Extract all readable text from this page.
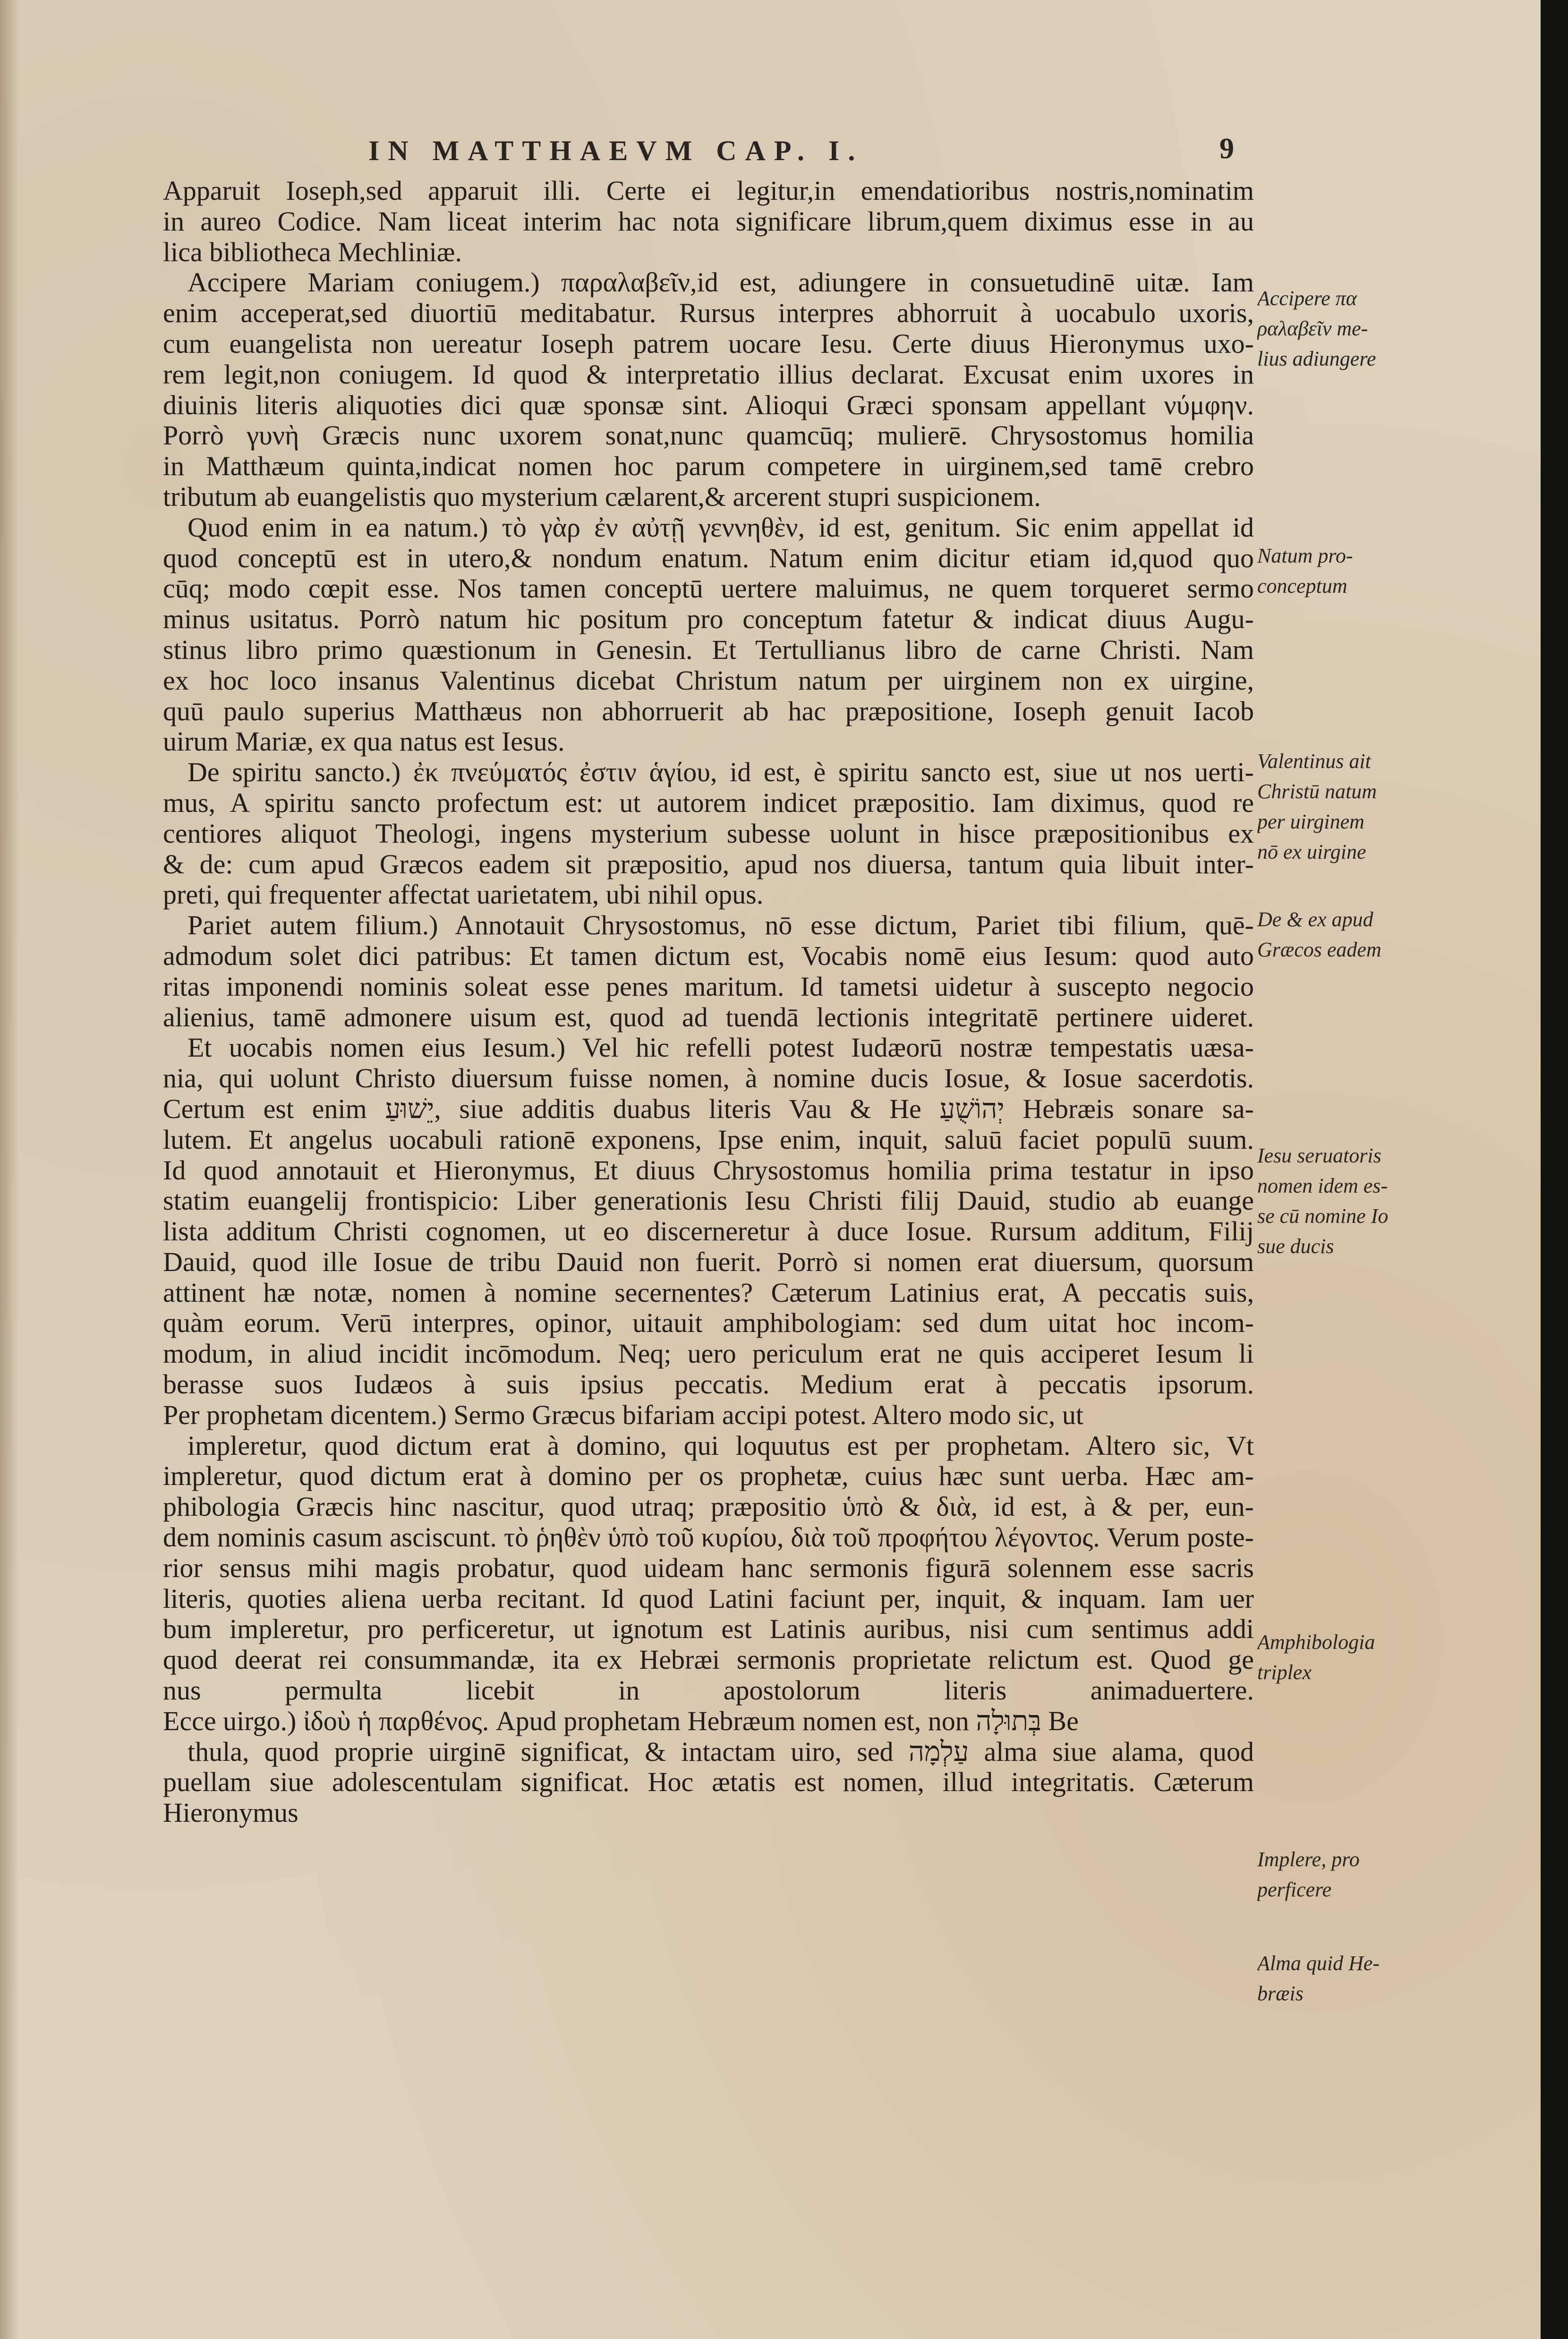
IN MATTHAEVM CAP. I.	9
Apparuit Ioseph,sed apparuit illi. Certe ei legitur,in emendatioribus nostris,nominatim
in aureo Codice. Nam liceat interim hac nota significare librum,quem diximus esse in au
lica bibliotheca Mechliniæ.
Accipere Mariam coniugem.) παραλαβεῖν,id est, adiungere in consuetudinē uitæ. Iam
enim acceperat,sed diuortiū meditabatur. Rursus interpres abhorruit à uocabulo uxoris,
cum euangelista non uereatur Ioseph patrem uocare Iesu. Certe diuus Hieronymus uxo-
rem legit,non coniugem. Id quod & interpretatio illius declarat. Excusat enim uxores in
diuinis literis aliquoties dici quæ sponsæ sint. Alioqui Græci sponsam appellant νύμφην.
Porrò γυνὴ Græcis nunc uxorem sonat,nunc quamcūq; mulierē. Chrysostomus homilia
in Matthæum quinta,indicat nomen hoc parum competere in uirginem,sed tamē crebro
tributum ab euangelistis quo mysterium cælarent,& arcerent stupri suspicionem.
Quod enim in ea natum.) τὸ γὰρ ἐν αὐτῇ γεννηθὲν, id est, genitum. Sic enim appellat id
quod conceptū est in utero,& nondum enatum. Natum enim dicitur etiam id,quod quo
cūq; modo cœpit esse. Nos tamen conceptū uertere maluimus, ne quem torqueret sermo
minus usitatus. Porrò natum hic positum pro conceptum fatetur & indicat diuus Augu-
stinus libro primo quæstionum in Genesin. Et Tertullianus libro de carne Christi. Nam
ex hoc loco insanus Valentinus dicebat Christum natum per uirginem non ex uirgine,
quū paulo superius Matthæus non abhorruerit ab hac præpositione, Ioseph genuit Iacob
uirum Mariæ, ex qua natus est Iesus.
De spiritu sancto.) ἐκ πνεύματός ἐστιν ἁγίου, id est, è spiritu sancto est, siue ut nos uerti-
mus, A spiritu sancto profectum est: ut autorem indicet præpositio. Iam diximus, quod re
centiores aliquot Theologi, ingens mysterium subesse uolunt in hisce præpositionibus ex
& de: cum apud Græcos eadem sit præpositio, apud nos diuersa, tantum quia libuit inter-
preti, qui frequenter affectat uarietatem, ubi nihil opus.
Pariet autem filium.) Annotauit Chrysostomus, nō esse dictum, Pariet tibi filium, quē-
admodum solet dici patribus: Et tamen dictum est, Vocabis nomē eius Iesum: quod auto
ritas imponendi nominis soleat esse penes maritum. Id tametsi uidetur à suscepto negocio
alienius, tamē admonere uisum est, quod ad tuendā lectionis integritatē pertinere uideret.
Et uocabis nomen eius Iesum.) Vel hic refelli potest Iudæorū nostræ tempestatis uæsa-
nia, qui uolunt Christo diuersum fuisse nomen, à nomine ducis Iosue, & Iosue sacerdotis.
Certum est enim יֵשׁוּעַ, siue additis duabus literis Vau & He יְהוֹשֻׁעַ Hebræis sonare sa-
lutem. Et angelus uocabuli rationē exponens, Ipse enim, inquit, saluū faciet populū suum.
Id quod annotauit et Hieronymus, Et diuus Chrysostomus homilia prima testatur in ipso
statim euangelij frontispicio: Liber generationis Iesu Christi filij Dauid, studio ab euange
lista additum Christi cognomen, ut eo discerneretur à duce Iosue. Rursum additum, Filij
Dauid, quod ille Iosue de tribu Dauid non fuerit. Porrò si nomen erat diuersum, quorsum
attinent hæ notæ, nomen à nomine secernentes? Cæterum Latinius erat, A peccatis suis,
quàm eorum. Verū interpres, opinor, uitauit amphibologiam: sed dum uitat hoc incom-
modum, in aliud incidit incōmodum. Neq; uero periculum erat ne quis acciperet Iesum li
berasse suos Iudæos à suis ipsius peccatis. Medium erat à peccatis ipsorum.
Per prophetam dicentem.) Sermo Græcus bifariam accipi potest. Altero modo sic, ut
impleretur, quod dictum erat à domino, qui loquutus est per prophetam. Altero sic, Vt
impleretur, quod dictum erat à domino per os prophetæ, cuius hæc sunt uerba. Hæc am-
phibologia Græcis hinc nascitur, quod utraq; præpositio ὑπὸ & διὰ, id est, à & per, eun-
dem nominis casum asciscunt. τὸ ῥηθὲν ὑπὸ τοῦ κυρίου, διὰ τοῦ προφήτου λέγοντος. Verum poste-
rior sensus mihi magis probatur, quod uideam hanc sermonis figurā solennem esse sacris
literis, quoties aliena uerba recitant. Id quod Latini faciunt per, inquit, & inquam. Iam uer
bum impleretur, pro perficeretur, ut ignotum est Latinis auribus, nisi cum sentimus addi
quod deerat rei consummandæ, ita ex Hebræi sermonis proprietate relictum est. Quod ge
nus permulta licebit in apostolorum literis animaduertere.
Ecce uirgo.) ἰδοὺ ἡ παρθένος. Apud prophetam Hebræum nomen est, non בְּתוּלָה Be
thula, quod proprie uirginē significat, & intactam uiro, sed עַלְמָה alma siue alama, quod
puellam siue adolescentulam significat. Hoc ætatis est nomen, illud integritatis. Cæterum
Hieronymus
Accipere πα
ραλαβεῖν me-
lius adiungere
Natum pro-
conceptum
Valentinus ait
Christū natum
per uirginem
nō ex uirgine
De & ex apud
Græcos eadem
Iesu seruatoris
nomen idem es-
se cū nomine Io
sue ducis
Amphibologia
triplex
Implere, pro
perficere
Alma quid He-
bræis
